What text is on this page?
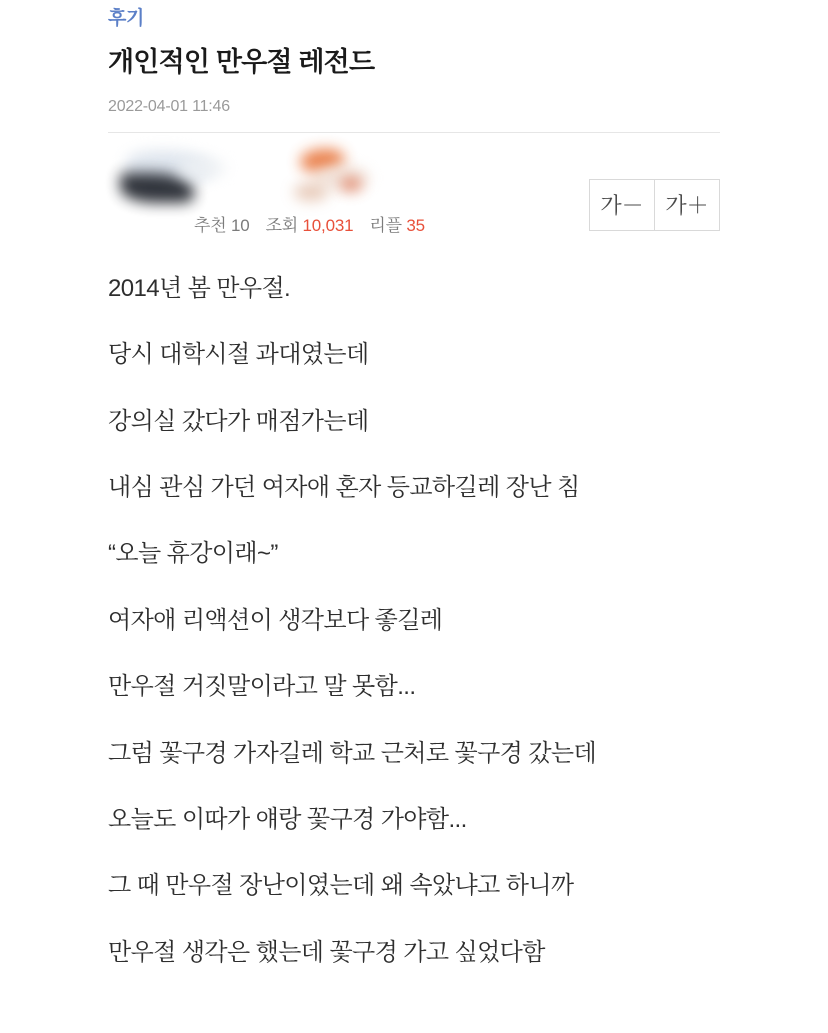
후기
개인적인 만우절 레전드
2022-04-01 11:46
추천 10 조회 10,031 리플 35
가－ 가＋

2014년 봄 만우절.

당시 대학시절 과대였는데

강의실 갔다가 매점가는데

내심 관심 가던 여자애 혼자 등교하길레 장난 침

“오늘 휴강이래~”

여자애 리액션이 생각보다 좋길레

만우절 거짓말이라고 말 못함...

그럼 꽃구경 가자길레 학교 근처로 꽃구경 갔는데

오늘도 이따가 얘랑 꽃구경 가야함...

그 때 만우절 장난이였는데 왜 속았냐고 하니까

만우절 생각은 했는데 꽃구경 가고 싶었다함
